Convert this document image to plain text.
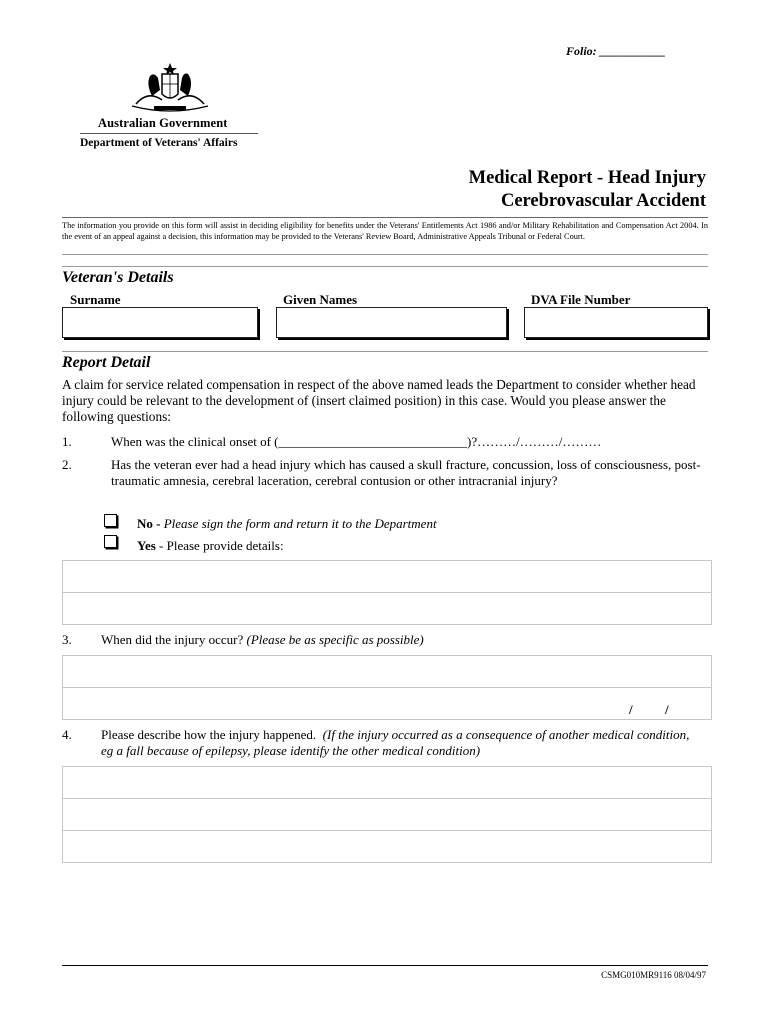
Folio: ___________
Australian Government
Department of Veterans' Affairs
Medical Report - Head Injury
Cerebrovascular Accident
The information you provide on this form will assist in deciding eligibility for benefits under the Veterans' Entitlements Act 1986 and/or Military Rehabilitation and Compensation Act 2004. In the event of an appeal against a decision, this information may be provided to the Veterans' Review Board, Administrative Appeals Tribunal or Federal Court.
Veteran's Details
Surname	Given Names	DVA File Number
Report Detail
A claim for service related compensation in respect of the above named leads the Department to consider whether head injury could be relevant to the development of (insert claimed position) in this case. Would you please answer the following questions:
1.	When was the clinical onset of (_____________________________)?………/………/………
2.	Has the veteran ever had a head injury which has caused a skull fracture, concussion, loss of consciousness, post-traumatic amnesia, cerebral laceration, cerebral contusion or other intracranial injury?
No - Please sign the form and return it to the Department
Yes - Please provide details:
3. When did the injury occur? (Please be as specific as possible)
/ /
4. Please describe how the injury happened. (If the injury occurred as a consequence of another medical condition, eg a fall because of epilepsy, please identify the other medical condition)
CSMG010MR9116 08/04/97
